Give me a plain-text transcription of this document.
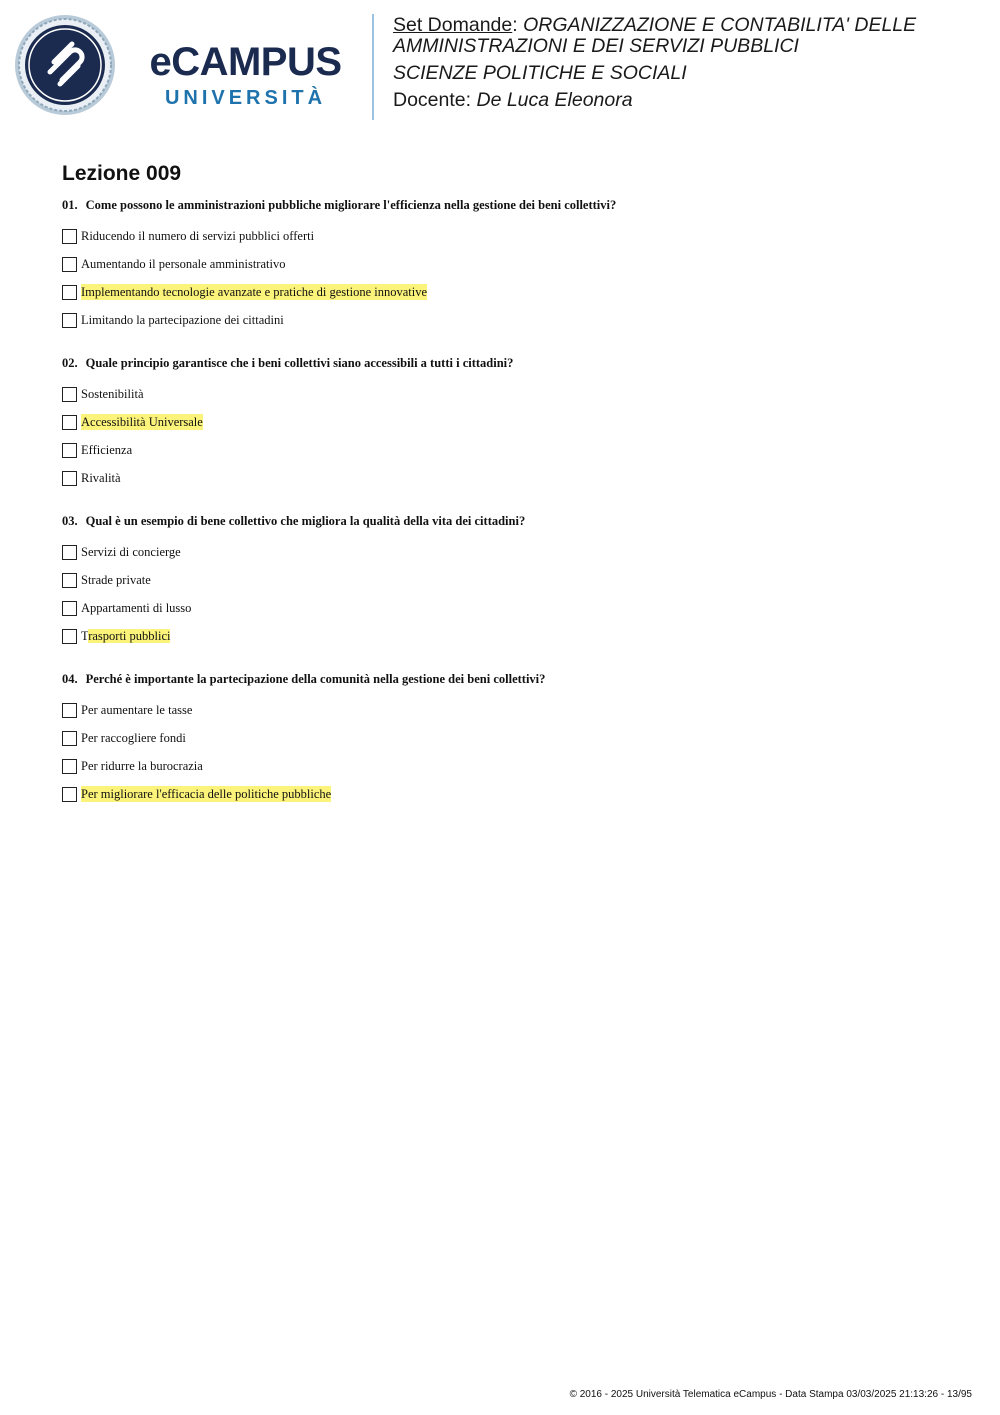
eCAMPUS
UNIVERSITÀ

Set Domande: ORGANIZZAZIONE E CONTABILITA' DELLE

AMMINISTRAZIONI E DEI SERVIZI PUBBLICI

SCIENZE POLITICHE E SOCIALI

Docente: De Luca Eleonora

Lezione 009

01. Come possono le amministrazioni pubbliche migliorare l'efficienza nella gestione dei beni collettivi?

Riducendo il numero di servizi pubblici offerti
Aumentando il personale amministrativo
Implementando tecnologie avanzate e pratiche di gestione innovative
Limitando la partecipazione dei cittadini

02. Quale principio garantisce che i beni collettivi siano accessibili a tutti i cittadini?

Sostenibilità
Accessibilità Universale
Efficienza
Rivalità

03. Qual è un esempio di bene collettivo che migliora la qualità della vita dei cittadini?

Servizi di concierge
Strade private
Appartamenti di lusso
Trasporti pubblici

04. Perché è importante la partecipazione della comunità nella gestione dei beni collettivi?

Per aumentare le tasse
Per raccogliere fondi
Per ridurre la burocrazia
Per migliorare l'efficacia delle politiche pubbliche
© 2016 - 2025 Università Telematica eCampus - Data Stampa 03/03/2025 21:13:26 - 13/95
